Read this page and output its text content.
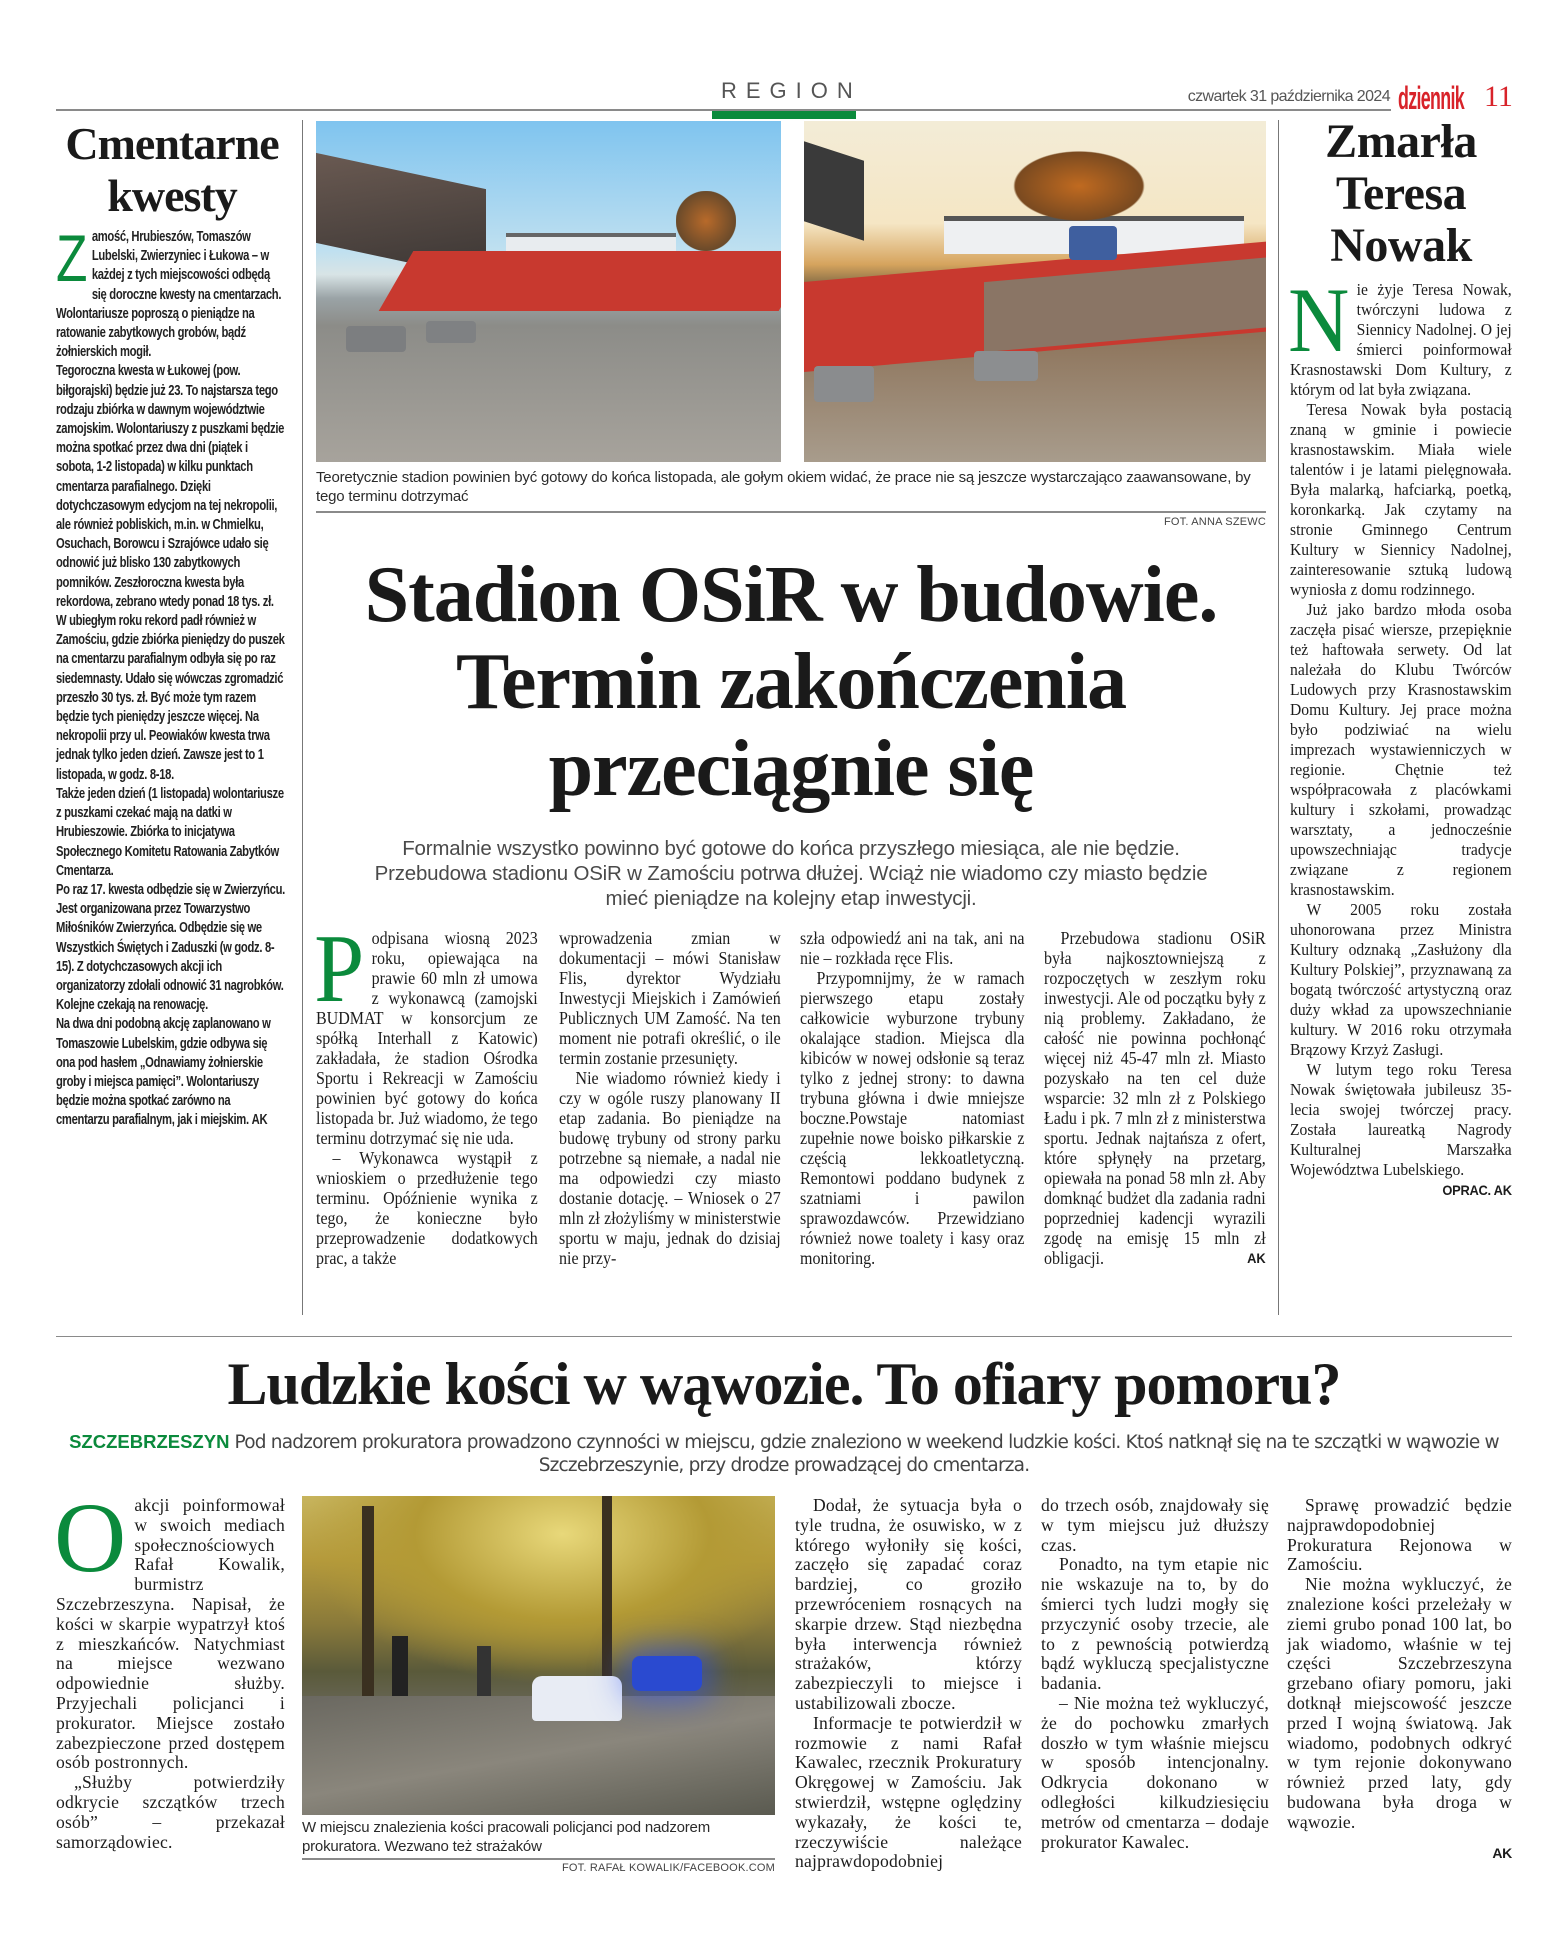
REGION	czwartek 31 października 2024 dziennik 11
Cmentarne
kwesty

Zamość, Hrubieszów, Tomaszów Lubelski, Zwierzyniec i Łukowa – w każdej z tych miejscowości odbędą się doroczne kwesty na cmentarzach. Wolontariusze poproszą o pieniądze na ratowanie zabytkowych grobów, bądź żołnierskich mogił.

Tegoroczna kwesta w Łukowej (pow. biłgorajski) będzie już 23. To najstarsza tego rodzaju zbiórka w dawnym województwie zamojskim. Wolontariuszy z puszkami będzie można spotkać przez dwa dni (piątek i sobota, 1-2 listopada) w kilku punktach cmentarza parafialnego. Dzięki dotychczasowym edycjom na tej nekropolii, ale również pobliskich, m.in. w Chmielku, Osuchach, Borowcu i Szrajówce udało się odnowić już blisko 130 zabytkowych pomników. Zeszłoroczna kwesta była rekordowa, zebrano wtedy ponad 18 tys. zł.

W ubiegłym roku rekord padł również w Zamościu, gdzie zbiórka pieniędzy do puszek na cmentarzu parafialnym odbyła się po raz siedemnasty. Udało się wówczas zgromadzić przeszło 30 tys. zł. Być może tym razem będzie tych pieniędzy jeszcze więcej. Na nekropolii przy ul. Peowiaków kwesta trwa jednak tylko jeden dzień. Zawsze jest to 1 listopada, w godz. 8-18.

Także jeden dzień (1 listopada) wolontariusze z puszkami czekać mają na datki w Hrubieszowie. Zbiórka to inicjatywa Społecznego Komitetu Ratowania Zabytków Cmentarza.

Po raz 17. kwesta odbędzie się w Zwierzyńcu. Jest organizowana przez Towarzystwo Miłośników Zwierzyńca. Odbędzie się we Wszystkich Świętych i Zaduszki (w godz. 8-15). Z dotychczasowych akcji ich organizatorzy zdołali odnowić 31 nagrobków. Kolejne czekają na renowację.

Na dwa dni podobną akcję zaplanowano w Tomaszowie Lubelskim, gdzie odbywa się ona pod hasłem „Odnawiamy żołnierskie groby i miejsca pamięci”. Wolontariuszy będzie można spotkać zarówno na cmentarzu parafialnym, jak i miejskim. AK

Teoretycznie stadion powinien być gotowy do końca listopada, ale gołym okiem widać, że prace nie są jeszcze wystarczająco zaawansowane, by tego terminu dotrzymać
FOT. ANNA SZEWC
Stadion OSiR w budowie.
Termin zakończenia
przeciągnie się
Formalnie wszystko powinno być gotowe do końca przyszłego miesiąca, ale nie będzie.
Przebudowa stadionu OSiR w Zamościu potrwa dłużej. Wciąż nie wiadomo czy miasto będzie
mieć pieniądze na kolejny etap inwestycji.

Podpisana wiosną 2023 roku, opiewająca na prawie 60 mln zł umowa z wykonawcą (zamojski BUDMAT w konsorcjum ze spółką Interhall z Katowic) zakładała, że stadion Ośrodka Sportu i Rekreacji w Zamościu powinien być gotowy do końca listopada br. Już wiadomo, że tego terminu dotrzymać się nie uda.

– Wykonawca wystąpił z wnioskiem o przedłużenie tego terminu. Opóźnienie wynika z tego, że konieczne było przeprowadzenie dodatkowych prac, a także

wprowadzenia zmian w dokumentacji – mówi Stanisław Flis, dyrektor Wydziału Inwestycji Miejskich i Zamówień Publicznych UM Zamość. Na ten moment nie potrafi określić, o ile termin zostanie przesunięty.

Nie wiadomo również kiedy i czy w ogóle ruszy planowany II etap zadania. Bo pieniądze na budowę trybuny od strony parku potrzebne są niemałe, a nadal nie ma odpowiedzi czy miasto dostanie dotację. – Wniosek o 27 mln zł złożyliśmy w ministerstwie sportu w maju, jednak do dzisiaj nie przy-

szła odpowiedź ani na tak, ani na nie – rozkłada ręce Flis.

Przypomnijmy, że w ramach pierwszego etapu zostały całkowicie wyburzone trybuny okalające stadion. Miejsca dla kibiców w nowej odsłonie są teraz tylko z jednej strony: to dawna trybuna główna i dwie mniejsze boczne.Powstaje natomiast zupełnie nowe boisko piłkarskie z częścią lekkoatletyczną. Remontowi poddano budynek z szatniami i pawilon sprawozdawców. Przewidziano również nowe toalety i kasy oraz monitoring.

Przebudowa stadionu OSiR była najkosztowniejszą z rozpoczętych w zeszłym roku inwestycji. Ale od początku były z nią problemy. Zakładano, że całość nie powinna pochłonąć więcej niż 45-47 mln zł. Miasto pozyskało na ten cel duże wsparcie: 32 mln zł z Polskiego Ładu i pk. 7 mln zł z ministerstwa sportu. Jednak najtańsza z ofert, które spłynęły na przetarg, opiewała na ponad 58 mln zł. Aby domknąć budżet dla zadania radni poprzedniej kadencji wyrazili zgodę na emisję 15 mln zł obligacji.	AK

Zmarła
Teresa
Nowak

Nie żyje Teresa Nowak, twórczyni ludowa z Siennicy Nadolnej. O jej śmierci poinformował Krasnostawski Dom Kultury, z którym od lat była związana.

Teresa Nowak była postacią znaną w gminie i powiecie krasnostawskim. Miała wiele talentów i je latami pielęgnowała. Była malarką, hafciarką, poetką, koronkarką. Jak czytamy na stronie Gminnego Centrum Kultury w Siennicy Nadolnej, zainteresowanie sztuką ludową wyniosła z domu rodzinnego.

Już jako bardzo młoda osoba zaczęła pisać wiersze, przepięknie też haftowała serwety. Od lat należała do Klubu Twórców Ludowych przy Krasnostawskim Domu Kultury. Jej prace można było podziwiać na wielu imprezach wystawienniczych w regionie. Chętnie też współpracowała z placówkami kultury i szkołami, prowadząc warsztaty, a jednocześnie upowszechniając tradycje związane z regionem krasnostawskim.

W 2005 roku została uhonorowana przez Ministra Kultury odznaką „Zasłużony dla Kultury Polskiej”, przyznawaną za bogatą twórczość artystyczną oraz duży wkład za upowszechnianie kultury. W 2016 roku otrzymała Brązowy Krzyż Zasługi.

W lutym tego roku Teresa Nowak świętowała jubileusz 35-lecia swojej twórczej pracy. Została laureatką Nagrody Kulturalnej Marszałka Województwa Lubelskiego.

OPRAC. AK
Ludzkie kości w wąwozie. To ofiary pomoru?
SZCZEBRZESZYN Pod nadzorem prokuratora prowadzono czynności w miejscu, gdzie znaleziono w weekend ludzkie kości. Ktoś natknął się na te szczątki w wąwozie w Szczebrzeszynie, przy drodze prowadzącej do cmentarza.

Oakcji poinformował w swoich mediach społecznościowych Rafał Kowalik, burmistrz Szczebrzeszyna. Napisał, że kości w skarpie wypatrzył ktoś z mieszkańców. Natychmiast na miejsce wezwano odpowiednie służby. Przyjechali policjanci i prokurator. Miejsce zostało zabezpieczone przed dostępem osób postronnych.

„Służby potwierdziły odkrycie szczątków trzech osób” – przekazał samorządowiec.

W miejscu znalezienia kości pracowali policjanci pod nadzorem prokuratora. Wezwano też strażaków
FOT. RAFAŁ KOWALIK/FACEBOOK.COM

Dodał, że sytuacja była o tyle trudna, że osuwisko, w z którego wyłoniły się kości, zaczęło się zapadać coraz bardziej, co groziło przewróceniem rosnących na skarpie drzew. Stąd niezbędna była interwencja również strażaków, którzy zabezpieczyli to miejsce i ustabilizowali zbocze.

Informacje te potwierdził w rozmowie z nami Rafał Kawalec, rzecznik Prokuratury Okręgowej w Zamościu. Jak stwierdził, wstępne oględziny wykazały, że kości te, rzeczywiście należące najprawdopodobniej

do trzech osób, znajdowały się w tym miejscu już dłuższy czas.

Ponadto, na tym etapie nic nie wskazuje na to, by do śmierci tych ludzi mogły się przyczynić osoby trzecie, ale to z pewnością potwierdzą bądź wykluczą specjalistyczne badania.

– Nie można też wykluczyć, że do pochowku zmarłych doszło w tym właśnie miejscu w sposób intencjonalny. Odkrycia dokonano w odległości kilkudziesięciu metrów od cmentarza – dodaje prokurator Kawalec.

Sprawę prowadzić będzie najprawdopodobniej Prokuratura Rejonowa w Zamościu.

Nie można wykluczyć, że znalezione kości przeleżały w ziemi grubo ponad 100 lat, bo jak wiadomo, właśnie w tej części Szczebrzeszyna grzebano ofiary pomoru, jaki dotknął miejscowość jeszcze przed I wojną światową. Jak wiadomo, podobnych odkryć w tym rejonie dokonywano również przed laty, gdy budowana była droga w wąwozie.

AK
